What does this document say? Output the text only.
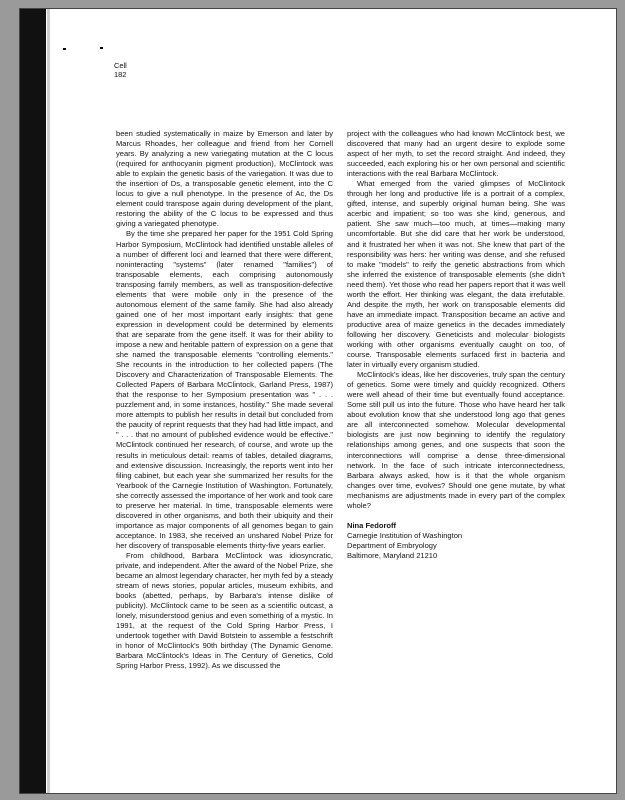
Cell
182

been studied systematically in maize by Emerson and later by Marcus Rhoades, her colleague and friend from her Cornell years. By analyzing a new variegating mutation at the C locus (required for anthocyanin pigment production), McClintock was able to explain the genetic basis of the variegation. It was due to the insertion of Ds, a transposable genetic element, into the C locus to give a null phenotype. In the presence of Ac, the Ds element could transpose again during development of the plant, restoring the ability of the C locus to be expressed and thus giving a variegated phenotype.

By the time she prepared her paper for the 1951 Cold Spring Harbor Symposium, McClintock had identified unstable alleles of a number of different loci and learned that there were different, noninteracting "systems" (later renamed "families") of transposable elements, each comprising autonomously transposing family members, as well as transposition-defective elements that were mobile only in the presence of the autonomous element of the same family. She had also already gained one of her most important early insights: that gene expression in development could be determined by elements that are separate from the gene itself. It was for their ability to impose a new and heritable pattern of expression on a gene that she named the transposable elements "controlling elements." She recounts in the introduction to her collected papers (The Discovery and Characterization of Transposable Elements. The Collected Papers of Barbara McClintock, Garland Press, 1987) that the response to her Symposium presentation was " . . . puzzlement and, in some instances, hostility." She made several more attempts to publish her results in detail but concluded from the paucity of reprint requests that they had had little impact, and " . . . that no amount of published evidence would be effective." McClintock continued her research, of course, and wrote up the results in meticulous detail: reams of tables, detailed diagrams, and extensive discussion. Increasingly, the reports went into her filing cabinet, but each year she summarized her results for the Yearbook of the Carnegie Institution of Washington. Fortunately, she correctly assessed the importance of her work and took care to preserve her material. In time, transposable elements were discovered in other organisms, and both their ubiquity and their importance as major components of all genomes began to gain acceptance. In 1983, she received an unshared Nobel Prize for her discovery of transposable elements thirty-five years earlier.

From childhood, Barbara McClintock was idiosyncratic, private, and independent. After the award of the Nobel Prize, she became an almost legendary character, her myth fed by a steady stream of news stories, popular articles, museum exhibits, and books (abetted, perhaps, by Barbara's intense dislike of publicity). McClintock came to be seen as a scientific outcast, a lonely, misunderstood genius and even something of a mystic. In 1991, at the request of the Cold Spring Harbor Press, I undertook together with David Botstein to assemble a festschrift in honor of McClintock's 90th birthday (The Dynamic Genome. Barbara McClintock's Ideas in The Century of Genetics, Cold Spring Harbor Press, 1992). As we discussed the

project with the colleagues who had known McClintock best, we discovered that many had an urgent desire to explode some aspect of her myth, to set the record straight. And indeed, they succeeded, each exploring his or her own personal and scientific interactions with the real Barbara McClintock.

What emerged from the varied glimpses of McClintock through her long and productive life is a portrait of a complex, gifted, intense, and superbly original human being. She was acerbic and impatient; so too was she kind, generous, and patient. She saw much—too much, at times—making many uncomfortable. But she did care that her work be understood, and it frustrated her when it was not. She knew that part of the responsibility was hers: her writing was dense, and she refused to make "models" to reify the genetic abstractions from which she inferred the existence of transposable elements (she didn't need them). Yet those who read her papers report that it was well worth the effort. Her thinking was elegant, the data irrefutable. And despite the myth, her work on transposable elements did have an immediate impact. Transposition became an active and productive area of maize genetics in the decades immediately following her discovery. Geneticists and molecular biologists working with other organisms eventually caught on too, of course. Transposable elements surfaced first in bacteria and later in virtually every organism studied.

McClintock's ideas, like her discoveries, truly span the century of genetics. Some were timely and quickly recognized. Others were well ahead of their time but eventually found acceptance. Some still pull us into the future. Those who have heard her talk about evolution know that she understood long ago that genes are all interconnected somehow. Molecular developmental biologists are just now beginning to identify the regulatory relationships among genes, and one suspects that soon the interconnections will comprise a dense three-dimensional network. In the face of such intricate interconnectedness, Barbara always asked, how is it that the whole organism changes over time, evolves? Should one gene mutate, by what mechanisms are adjustments made in every part of the complex whole?

Nina Fedoroff
Carnegie Institution of Washington
Department of Embryology
Baltimore, Maryland 21210
